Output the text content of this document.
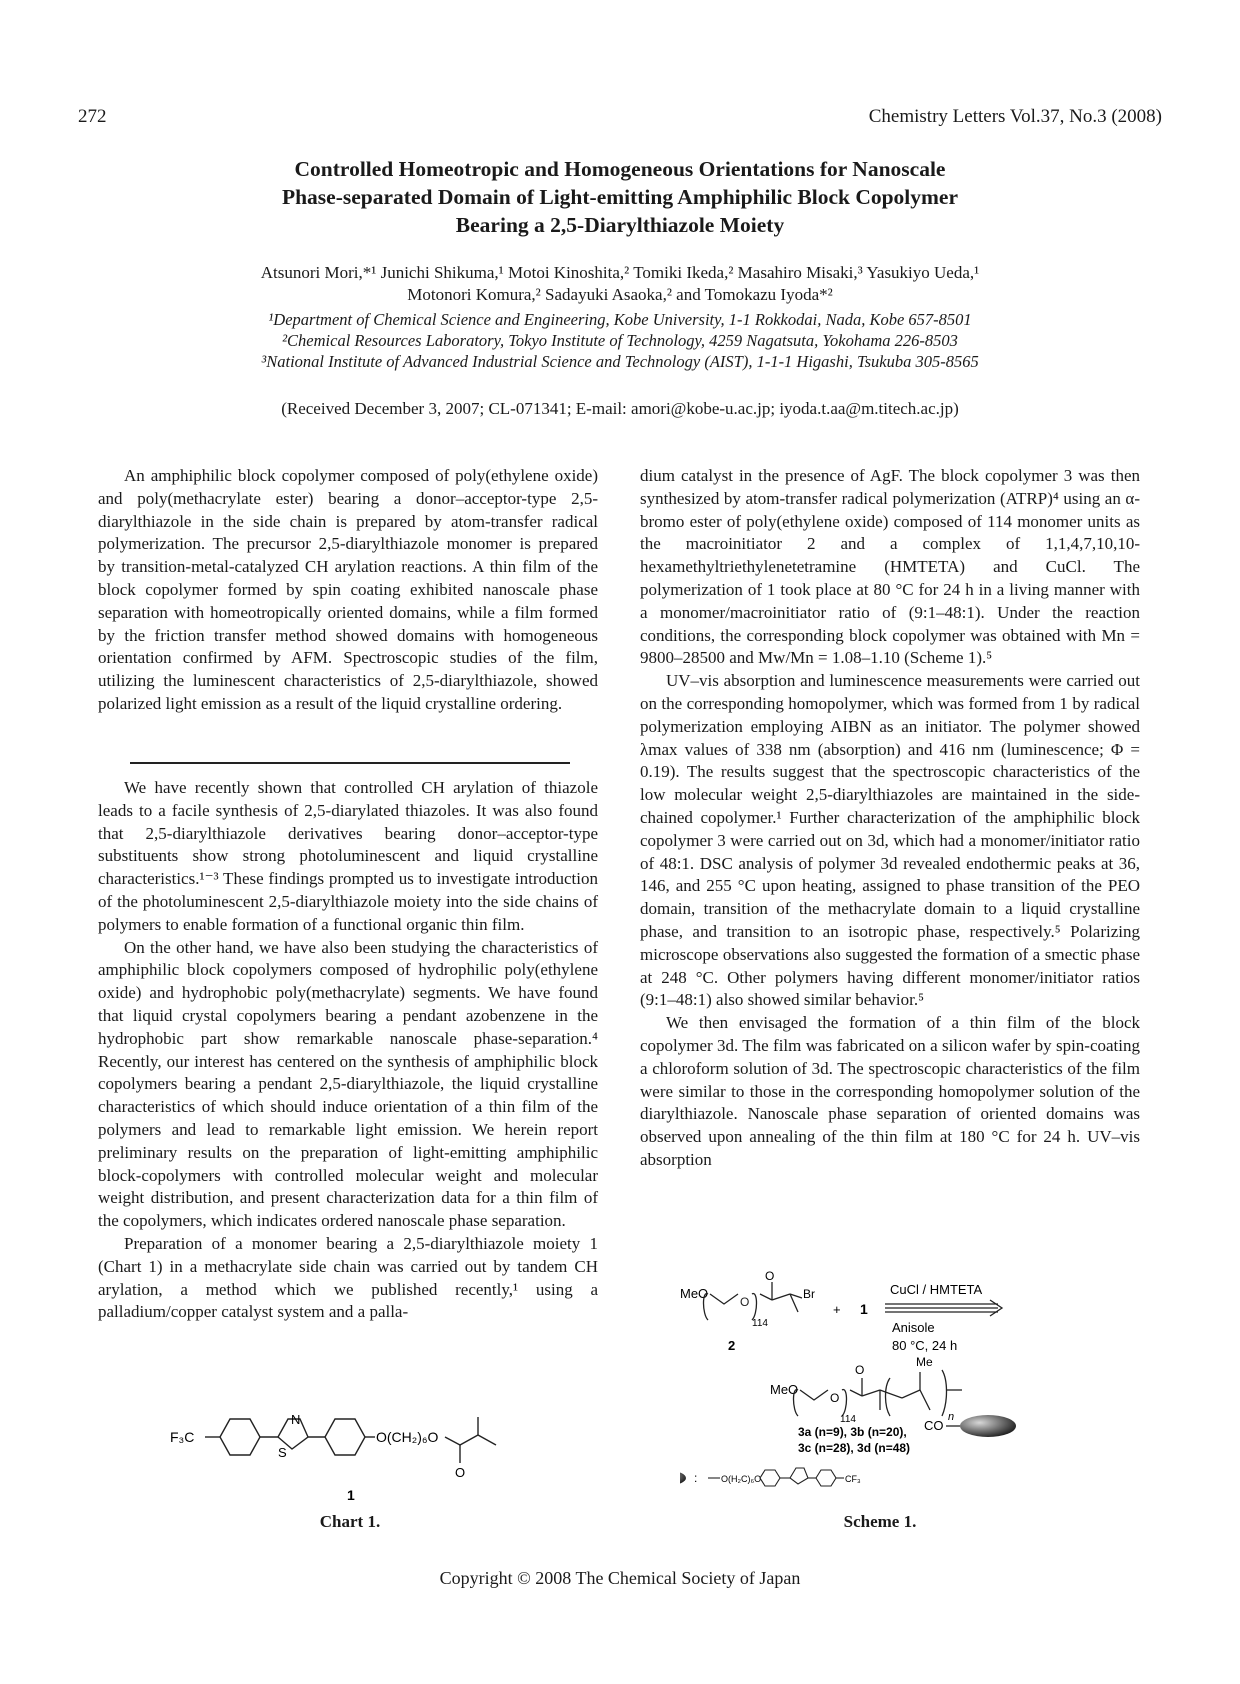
272	Chemistry Letters Vol.37, No.3 (2008)
Controlled Homeotropic and Homogeneous Orientations for Nanoscale
Phase-separated Domain of Light-emitting Amphiphilic Block Copolymer
Bearing a 2,5-Diarylthiazole Moiety
Atsunori Mori,*¹ Junichi Shikuma,¹ Motoi Kinoshita,² Tomiki Ikeda,² Masahiro Misaki,³ Yasukiyo Ueda,¹
Motonori Komura,² Sadayuki Asaoka,² and Tomokazu Iyoda*²
¹Department of Chemical Science and Engineering, Kobe University, 1-1 Rokkodai, Nada, Kobe 657-8501
²Chemical Resources Laboratory, Tokyo Institute of Technology, 4259 Nagatsuta, Yokohama 226-8503
³National Institute of Advanced Industrial Science and Technology (AIST), 1-1-1 Higashi, Tsukuba 305-8565
(Received December 3, 2007; CL-071341; E-mail: amori@kobe-u.ac.jp; iyoda.t.aa@m.titech.ac.jp)

An amphiphilic block copolymer composed of poly(ethylene oxide) and poly(methacrylate ester) bearing a donor–acceptor-type 2,5-diarylthiazole in the side chain is prepared by atom-transfer radical polymerization. The precursor 2,5-diarylthiazole monomer is prepared by transition-metal-catalyzed CH arylation reactions. A thin film of the block copolymer formed by spin coating exhibited nanoscale phase separation with homeotropically oriented domains, while a film formed by the friction transfer method showed domains with homogeneous orientation confirmed by AFM. Spectroscopic studies of the film, utilizing the luminescent characteristics of 2,5-diarylthiazole, showed polarized light emission as a result of the liquid crystalline ordering.

We have recently shown that controlled CH arylation of thiazole leads to a facile synthesis of 2,5-diarylated thiazoles. It was also found that 2,5-diarylthiazole derivatives bearing donor–acceptor-type substituents show strong photoluminescent and liquid crystalline characteristics.¹⁻³ These findings prompted us to investigate introduction of the photoluminescent 2,5-diarylthiazole moiety into the side chains of polymers to enable formation of a functional organic thin film.

On the other hand, we have also been studying the characteristics of amphiphilic block copolymers composed of hydrophilic poly(ethylene oxide) and hydrophobic poly(methacrylate) segments. We have found that liquid crystal copolymers bearing a pendant azobenzene in the hydrophobic part show remarkable nanoscale phase-separation.⁴ Recently, our interest has centered on the synthesis of amphiphilic block copolymers bearing a pendant 2,5-diarylthiazole, the liquid crystalline characteristics of which should induce orientation of a thin film of the polymers and lead to remarkable light emission. We herein report preliminary results on the preparation of light-emitting amphiphilic block-copolymers with controlled molecular weight and molecular weight distribution, and present characterization data for a thin film of the copolymers, which indicates ordered nanoscale phase separation.

Preparation of a monomer bearing a 2,5-diarylthiazole moiety 1 (Chart 1) in a methacrylate side chain was carried out by tandem CH arylation, a method which we published recently,¹ using a palladium/copper catalyst system and a palla-

dium catalyst in the presence of AgF. The block copolymer 3 was then synthesized by atom-transfer radical polymerization (ATRP)⁴ using an α-bromo ester of poly(ethylene oxide) composed of 114 monomer units as the macroinitiator 2 and a complex of 1,1,4,7,10,10-hexamethyltriethylenetetramine (HMTETA) and CuCl. The polymerization of 1 took place at 80 °C for 24 h in a living manner with a monomer/macroinitiator ratio of (9:1–48:1). Under the reaction conditions, the corresponding block copolymer was obtained with Mn = 9800–28500 and Mw/Mn = 1.08–1.10 (Scheme 1).⁵

UV–vis absorption and luminescence measurements were carried out on the corresponding homopolymer, which was formed from 1 by radical polymerization employing AIBN as an initiator. The polymer showed λmax values of 338 nm (absorption) and 416 nm (luminescence; Φ = 0.19). The results suggest that the spectroscopic characteristics of the low molecular weight 2,5-diarylthiazoles are maintained in the side-chained copolymer.¹ Further characterization of the amphiphilic block copolymer 3 were carried out on 3d, which had a monomer/initiator ratio of 48:1. DSC analysis of polymer 3d revealed endothermic peaks at 36, 146, and 255 °C upon heating, assigned to phase transition of the PEO domain, transition of the methacrylate domain to a liquid crystalline phase, and transition to an isotropic phase, respectively.⁵ Polarizing microscope observations also suggested the formation of a smectic phase at 248 °C. Other polymers having different monomer/initiator ratios (9:1–48:1) also showed similar behavior.⁵

We then envisaged the formation of a thin film of the block copolymer 3d. The film was fabricated on a silicon wafer by spin-coating a chloroform solution of 3d. The spectroscopic characteristics of the film were similar to those in the corresponding homopolymer solution of the diarylthiazole. Nanoscale phase separation of oriented domains was observed upon annealing of the thin film at 180 °C for 24 h. UV–vis absorption

F₃C
N
S
O(CH₂)₆O
O
1
Chart 1.
MeO
O
O
Br
114
2
+ 1
CuCl / HMTETA
Anisole
80 °C, 24 h
MeO
O
O
114
Me
n
CO
3a (n=9), 3b (n=20),
3c (n=28), 3d (n=48)
:	O(H₂C)₆O	CF₃
Scheme 1.
Copyright © 2008 The Chemical Society of Japan
